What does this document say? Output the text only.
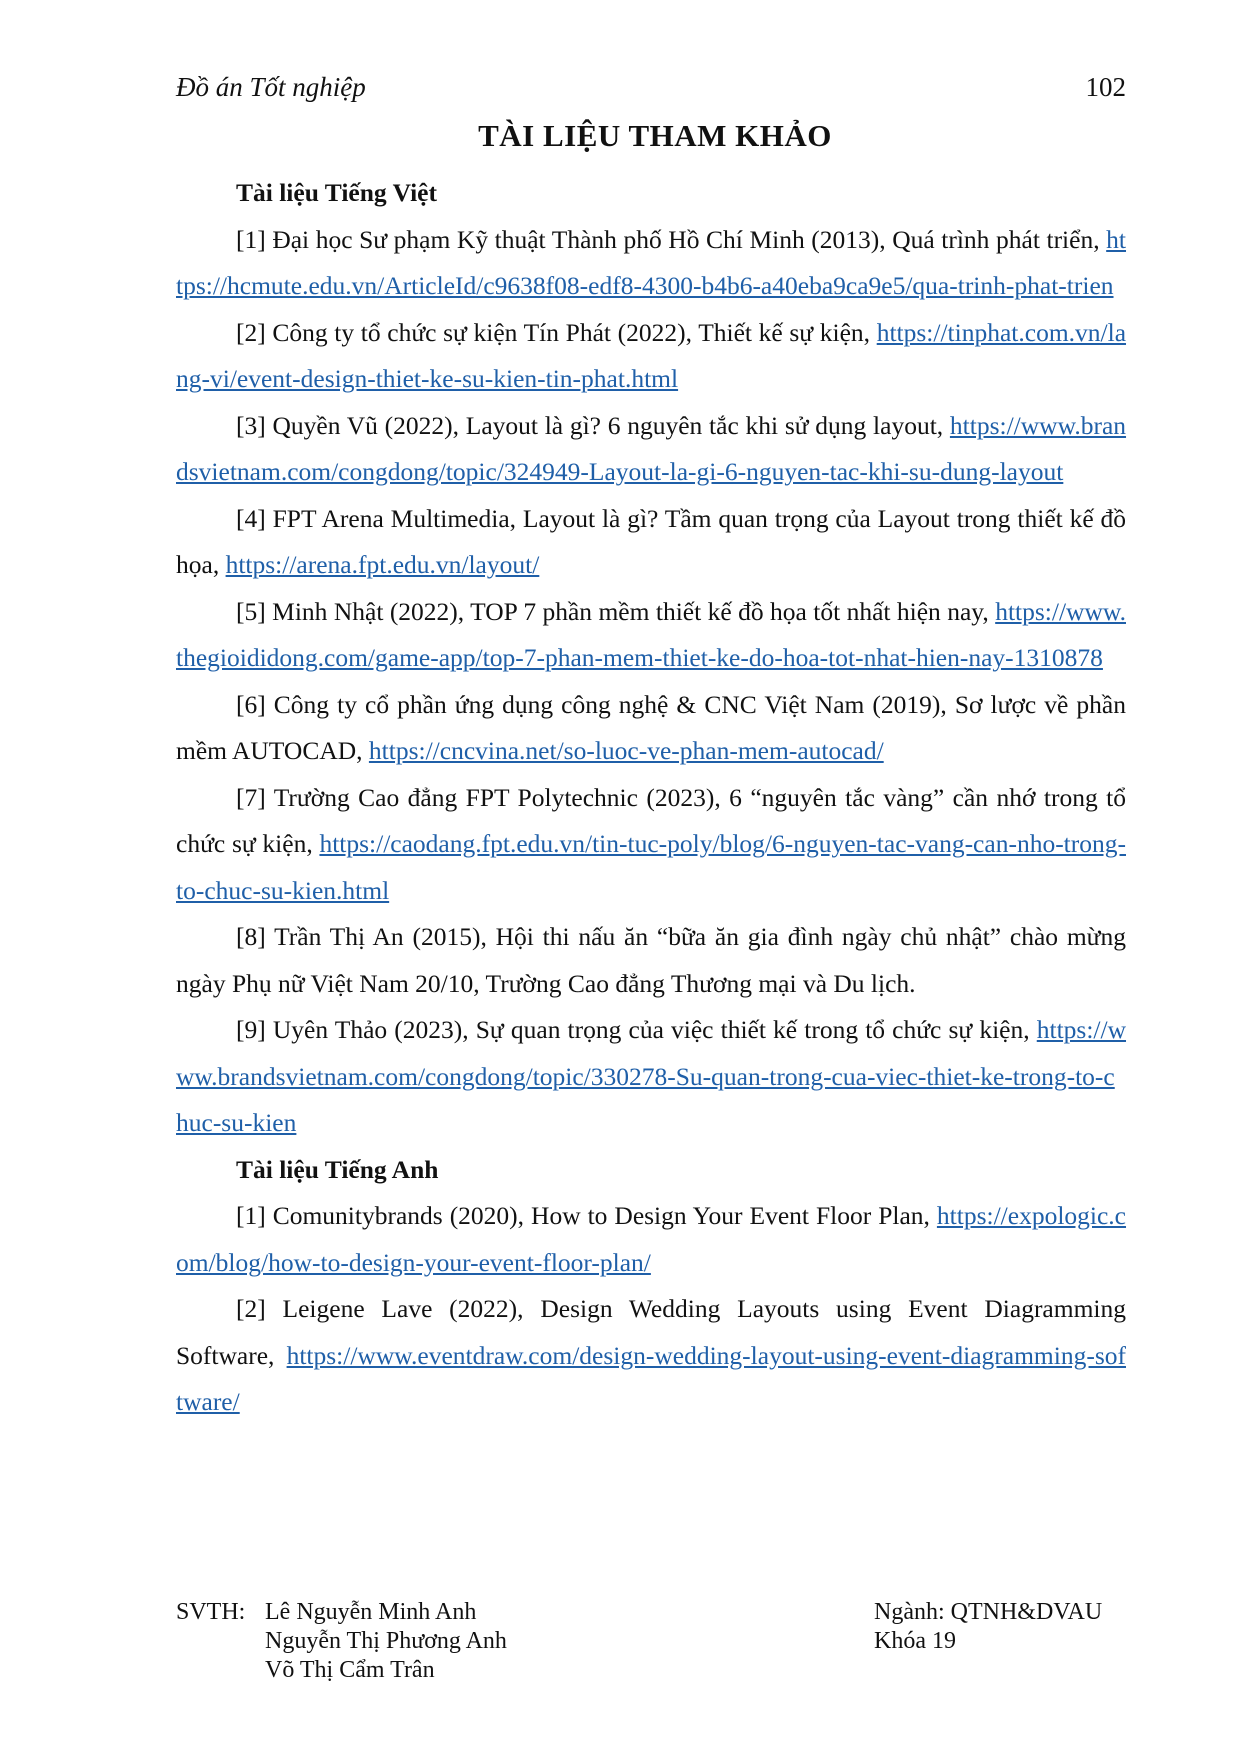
Đồ án Tốt nghiệp	102
TÀI LIỆU THAM KHẢO

Tài liệu Tiếng Việt

[1] Đại học Sư phạm Kỹ thuật Thành phố Hồ Chí Minh (2013), Quá trình phát triển, https://hcmute.edu.vn/ArticleId/c9638f08-edf8-4300-b4b6-a40eba9ca9e5/qua-trinh-phat-trien

[2] Công ty tổ chức sự kiện Tín Phát (2022), Thiết kế sự kiện, https://tinphat.com.vn/lang-vi/event-design-thiet-ke-su-kien-tin-phat.html

[3] Quyền Vũ (2022), Layout là gì? 6 nguyên tắc khi sử dụng layout, https://www.brandsvietnam.com/congdong/topic/324949-Layout-la-gi-6-nguyen-tac-khi-su-dung-layout

[4] FPT Arena Multimedia, Layout là gì? Tầm quan trọng của Layout trong thiết kế đồ họa, https://arena.fpt.edu.vn/layout/

[5] Minh Nhật (2022), TOP 7 phần mềm thiết kế đồ họa tốt nhất hiện nay, https://www.thegioididong.com/game-app/top-7-phan-mem-thiet-ke-do-hoa-tot-nhat-hien-nay-1310878

[6] Công ty cổ phần ứng dụng công nghệ & CNC Việt Nam (2019), Sơ lược về phần mềm AUTOCAD, https://cncvina.net/so-luoc-ve-phan-mem-autocad/

[7] Trường Cao đẳng FPT Polytechnic (2023), 6 “nguyên tắc vàng” cần nhớ trong tổ chức sự kiện, https://caodang.fpt.edu.vn/tin-tuc-poly/blog/6-nguyen-tac-vang-can-nho-trong-to-chuc-su-kien.html

[8] Trần Thị An (2015), Hội thi nấu ăn “bữa ăn gia đình ngày chủ nhật” chào mừng ngày Phụ nữ Việt Nam 20/10, Trường Cao đẳng Thương mại và Du lịch.

[9] Uyên Thảo (2023), Sự quan trọng của việc thiết kế trong tổ chức sự kiện, https://www.brandsvietnam.com/congdong/topic/330278-Su-quan-trong-cua-viec-thiet-ke-trong-to-chuc-su-kien

Tài liệu Tiếng Anh

[1] Comunitybrands (2020), How to Design Your Event Floor Plan, https://expologic.com/blog/how-to-design-your-event-floor-plan/

[2] Leigene Lave (2022), Design Wedding Layouts using Event Diagramming Software, https://www.eventdraw.com/design-wedding-layout-using-event-diagramming-software/

SVTH: Lê Nguyễn Minh Anh
Nguyễn Thị Phương Anh
Võ Thị Cẩm Trân
Ngành: QTNH&DVAU
Khóa 19
